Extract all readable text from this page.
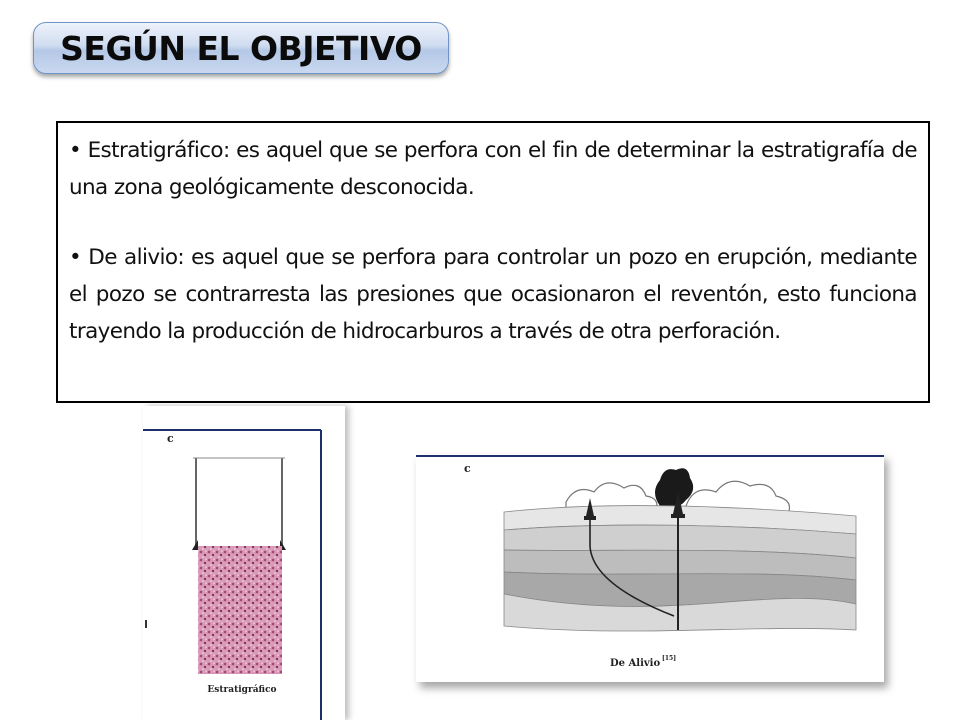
SEGÚN EL OBJETIVO

• Estratigráfico: es aquel que se perfora con el fin de determinar la estratigrafía de una zona geológicamente desconocida.

• De alivio: es aquel que se perfora para controlar un pozo en erupción, mediante el pozo se contrarresta las presiones que ocasionaron el reventón, esto funciona trayendo la producción de hidrocarburos a través de otra perforación.

c
Estratigráfico
c
De Alivio [15]
